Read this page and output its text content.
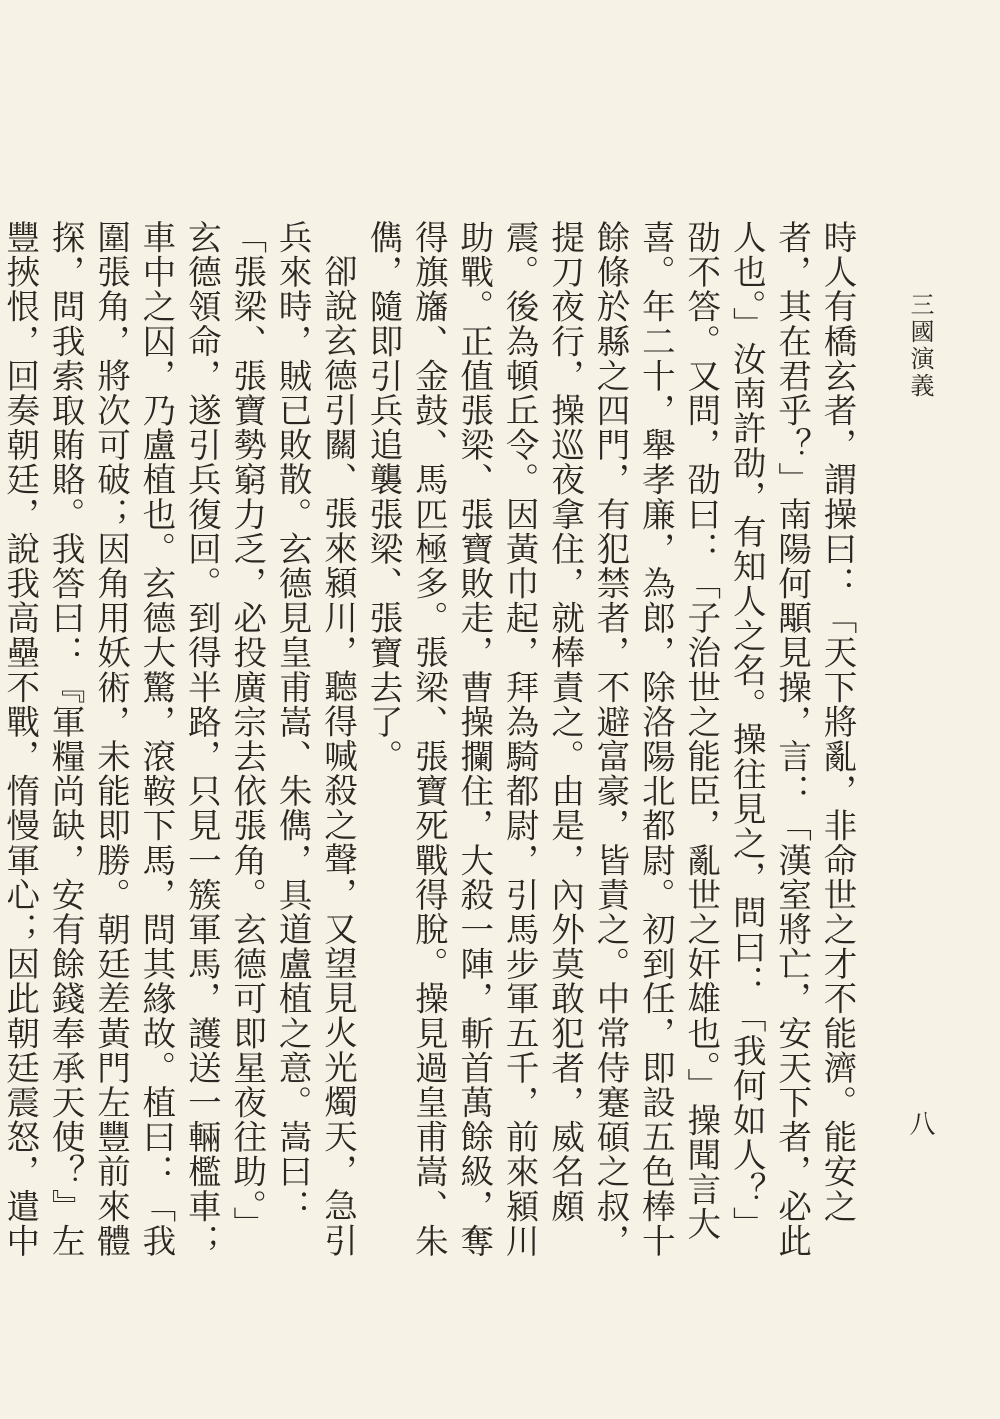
三國演義
八

時人有橋玄者，謂操曰：「天下將亂，非命世之才不能濟。能安之者，其在君乎？」南陽何顒見操，言：「漢室將亡，安天下者，必此人也。」汝南許劭，有知人之名。操往見之，問曰：「我何如人？」劭不答。又問，劭曰：「子治世之能臣，亂世之奸雄也。」操聞言大喜。年二十，舉孝廉，為郎，除洛陽北都尉。初到任，即設五色棒十餘條於縣之四門，有犯禁者，不避富豪，皆責之。中常侍蹇碩之叔，提刀夜行，操巡夜拿住，就棒責之。由是，內外莫敢犯者，威名頗震。後為頓丘令。因黃巾起，拜為騎都尉，引馬步軍五千，前來潁川助戰。正值張梁、張寶敗走，曹操攔住，大殺一陣，斬首萬餘級，奪得旗旛、金鼓、馬匹極多。張梁、張寶死戰得脫。操見過皇甫嵩、朱儁，隨即引兵追襲張梁、張寶去了。

卻說玄德引關、張來潁川，聽得喊殺之聲，又望見火光燭天，急引兵來時，賊已敗散。玄德見皇甫嵩、朱儁，具道盧植之意。嵩曰：「張梁、張寶勢窮力乏，必投廣宗去依張角。玄德可即星夜往助。」玄德領命，遂引兵復回。到得半路，只見一簇軍馬，護送一輛檻車；車中之囚，乃盧植也。玄德大驚，滾鞍下馬，問其緣故。植曰：「我圍張角，將次可破；因角用妖術，未能即勝。朝廷差黃門左豐前來體探，問我索取賄賂。我答曰：『軍糧尚缺，安有餘錢奉承天使？』左豐挾恨，回奏朝廷，說我高壘不戰，惰慢軍心；因此朝廷震怒，遣中
